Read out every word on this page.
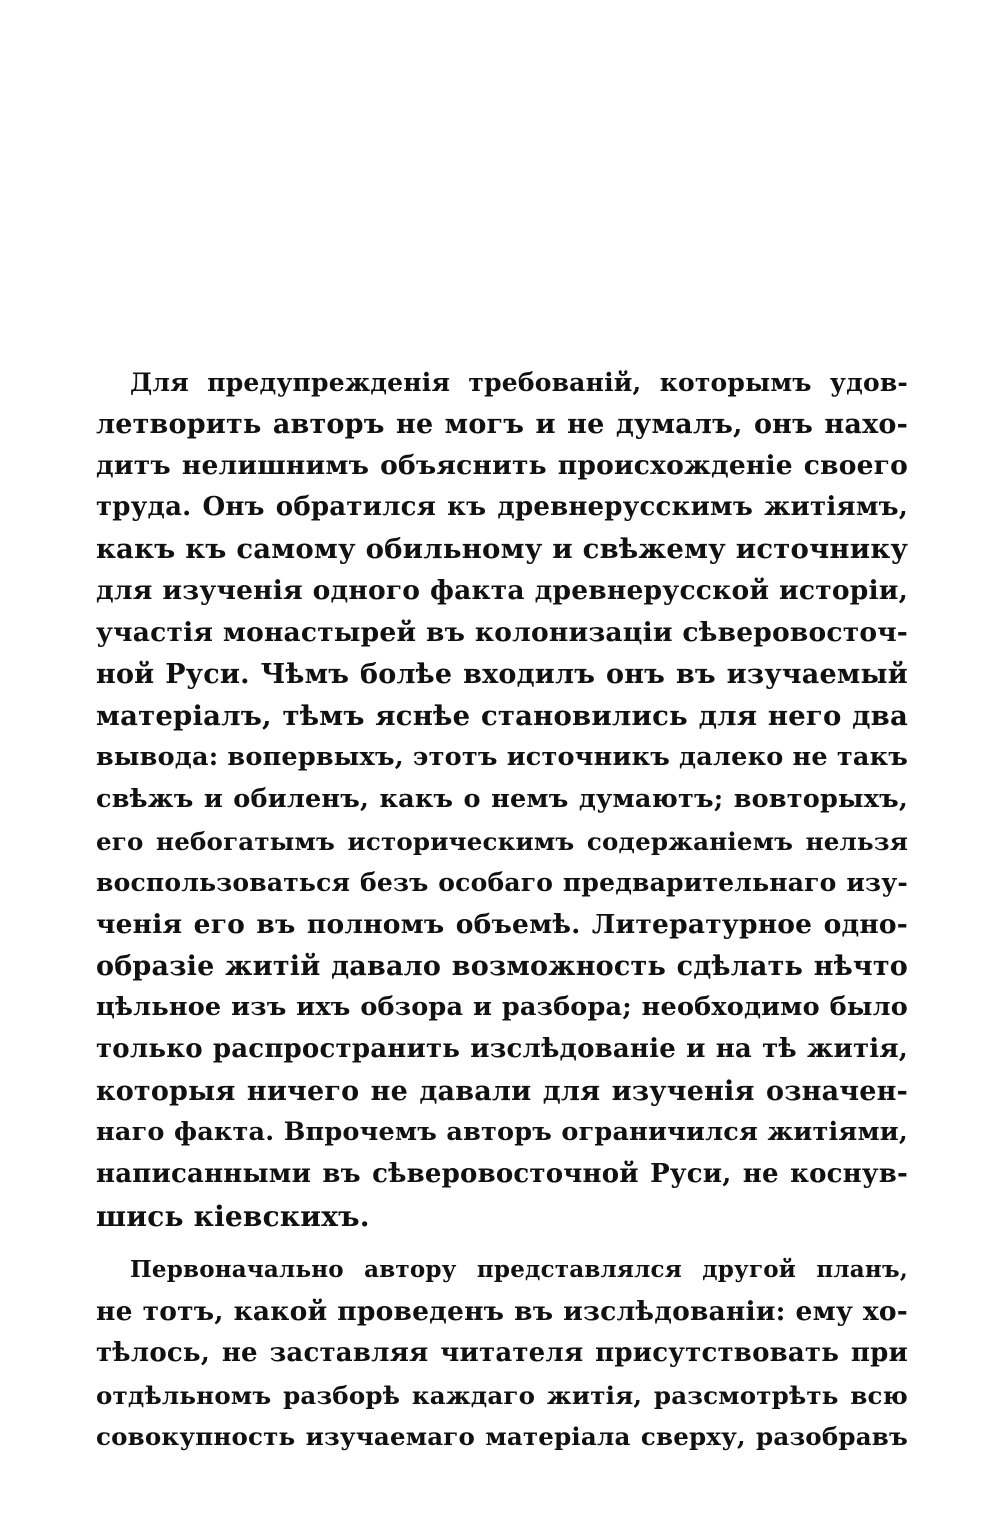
Для предупрежденія требованій, которымъ удов-
летворить авторъ не могъ и не думалъ, онъ нахо-
дитъ нелишнимъ объяснить происхожденіе своего
труда. Онъ обратился къ древнерусскимъ житіямъ,
какъ къ самому обильному и свѣжему источнику
для изученія одного факта древнерусской исторіи,
участія монастырей въ колонизаціи сѣверовосточ-
ной Руси. Чѣмъ болѣе входилъ онъ въ изучаемый
матеріалъ, тѣмъ яснѣе становились для него два
вывода: вопервыхъ, этотъ источникъ далеко не такъ
свѣжъ и обиленъ, какъ о немъ думаютъ; вовторыхъ,
его небогатымъ историческимъ содержаніемъ нельзя
воспользоваться безъ особаго предварительнаго изу-
ченія его въ полномъ объемѣ. Литературное одно-
образіе житій давало возможность сдѣлать нѣчто
цѣльное изъ ихъ обзора и разбора; необходимо было
только распространить изслѣдованіе и на тѣ житія,
которыя ничего не давали для изученія означен-
наго факта. Впрочемъ авторъ ограничился житіями,
написанными въ сѣверовосточной Руси, не коснув-
шись кіевскихъ.
Первоначально автору представлялся другой планъ,
не тотъ, какой проведенъ въ изслѣдованіи: ему хо-
тѣлось, не заставляя читателя присутствовать при
отдѣльномъ разборѣ каждаго житія, разсмотрѣть всю
совокупность изучаемаго матеріала сверху, разобравъ
